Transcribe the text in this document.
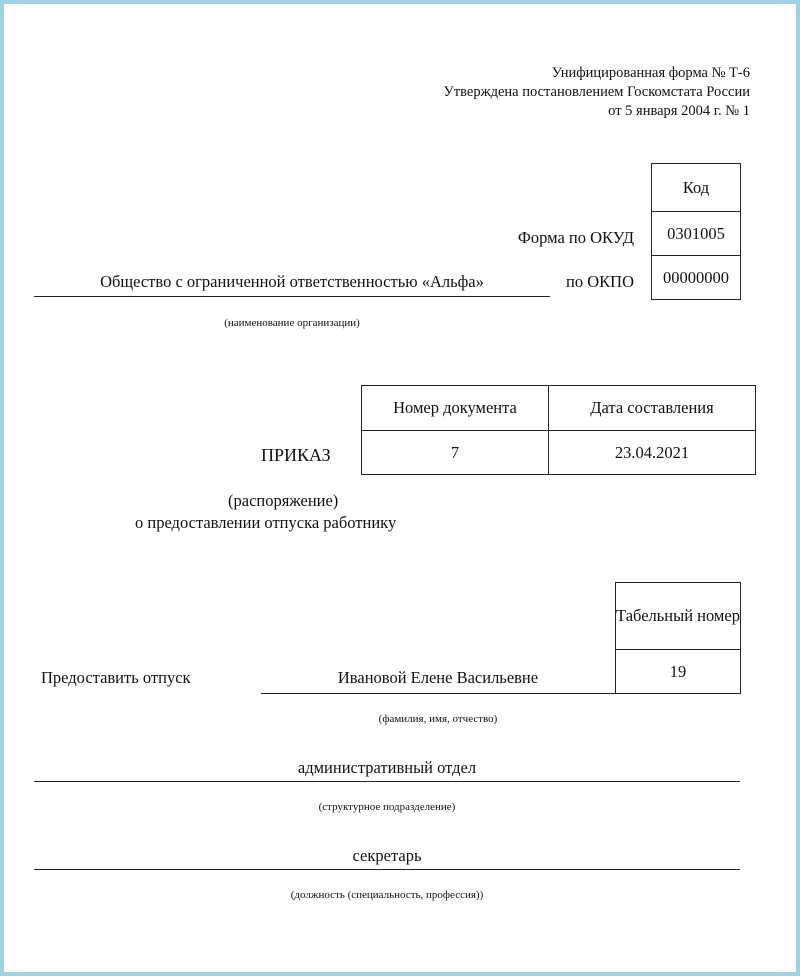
Унифицированная форма № Т-6
Утверждена постановлением Госкомстата России
от 5 января 2004 г. № 1
Код
0301005
00000000
Форма по ОКУД
по ОКПО
Общество с ограниченной ответственностью «Альфа»
(наименование организации)
Номер документа	Дата составления
7	23.04.2021
ПРИКАЗ
(распоряжение)
о предоставлении отпуска работнику
Табельный номер
19
Предоставить отпуск	Ивановой Елене Васильевне
(фамилия, имя, отчество)
административный отдел
(структурное подразделение)
секретарь
(должность (специальность, профессия))
